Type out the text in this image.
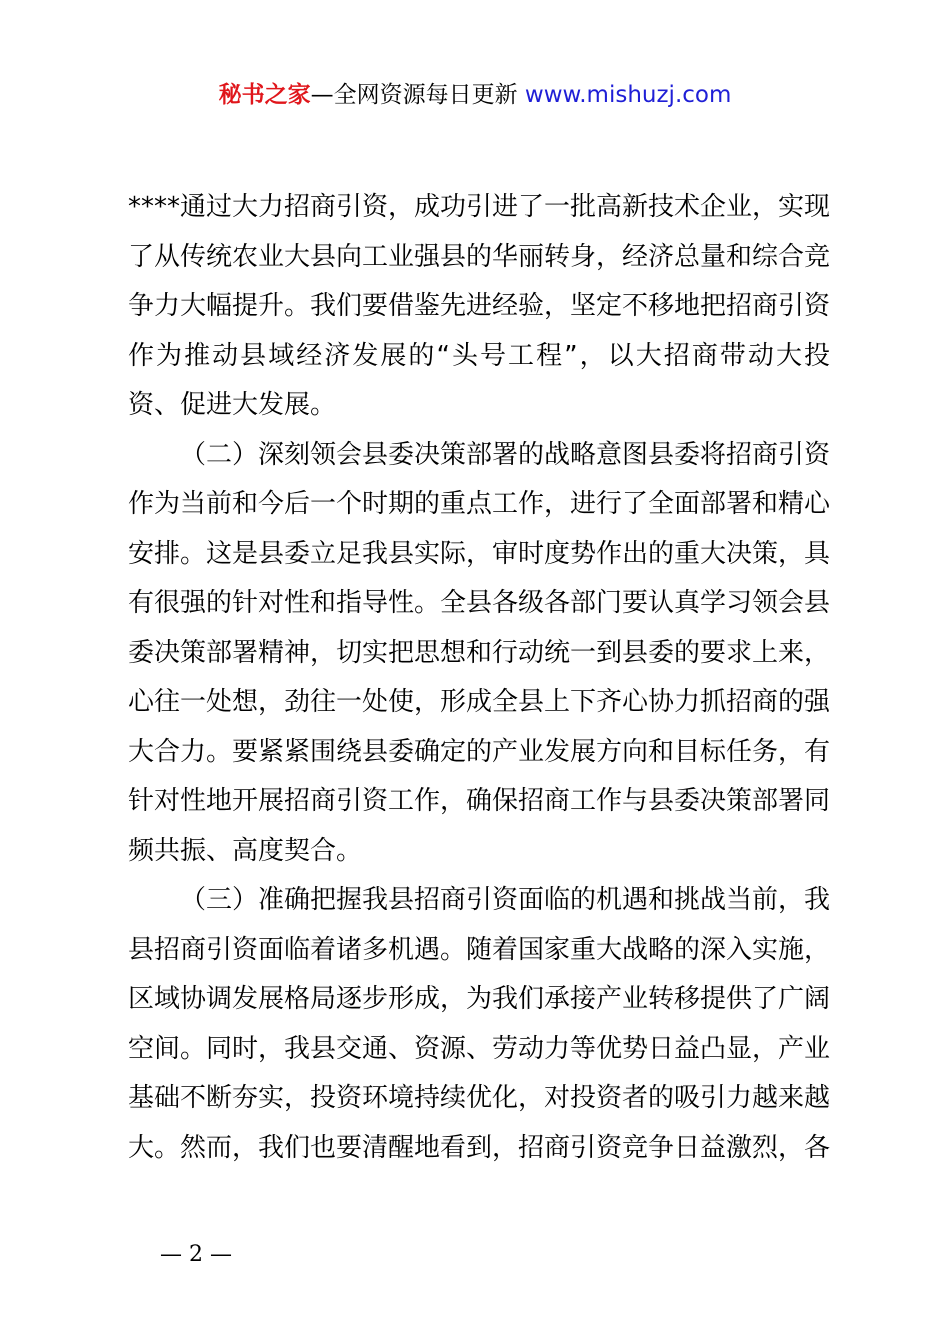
秘书之家—全网资源每日更新 www.mishuzj.com

****通过大力招商引资，成功引进了一批高新技术企业，实现了从传统农业大县向工业强县的华丽转身，经济总量和综合竞争力大幅提升。我们要借鉴先进经验，坚定不移地把招商引资作为推动县域经济发展的“头号工程”，以大招商带动大投资、促进大发展。

（二）深刻领会县委决策部署的战略意图县委将招商引资作为当前和今后一个时期的重点工作，进行了全面部署和精心安排。这是县委立足我县实际，审时度势作出的重大决策，具有很强的针对性和指导性。全县各级各部门要认真学习领会县委决策部署精神，切实把思想和行动统一到县委的要求上来，心往一处想，劲往一处使，形成全县上下齐心协力抓招商的强大合力。要紧紧围绕县委确定的产业发展方向和目标任务，有针对性地开展招商引资工作，确保招商工作与县委决策部署同频共振、高度契合。

（三）准确把握我县招商引资面临的机遇和挑战当前，我县招商引资面临着诸多机遇。随着国家重大战略的深入实施，区域协调发展格局逐步形成，为我们承接产业转移提供了广阔空间。同时，我县交通、资源、劳动力等优势日益凸显，产业基础不断夯实，投资环境持续优化，对投资者的吸引力越来越大。然而，我们也要清醒地看到，招商引资竞争日益激烈，各

— 2 —
